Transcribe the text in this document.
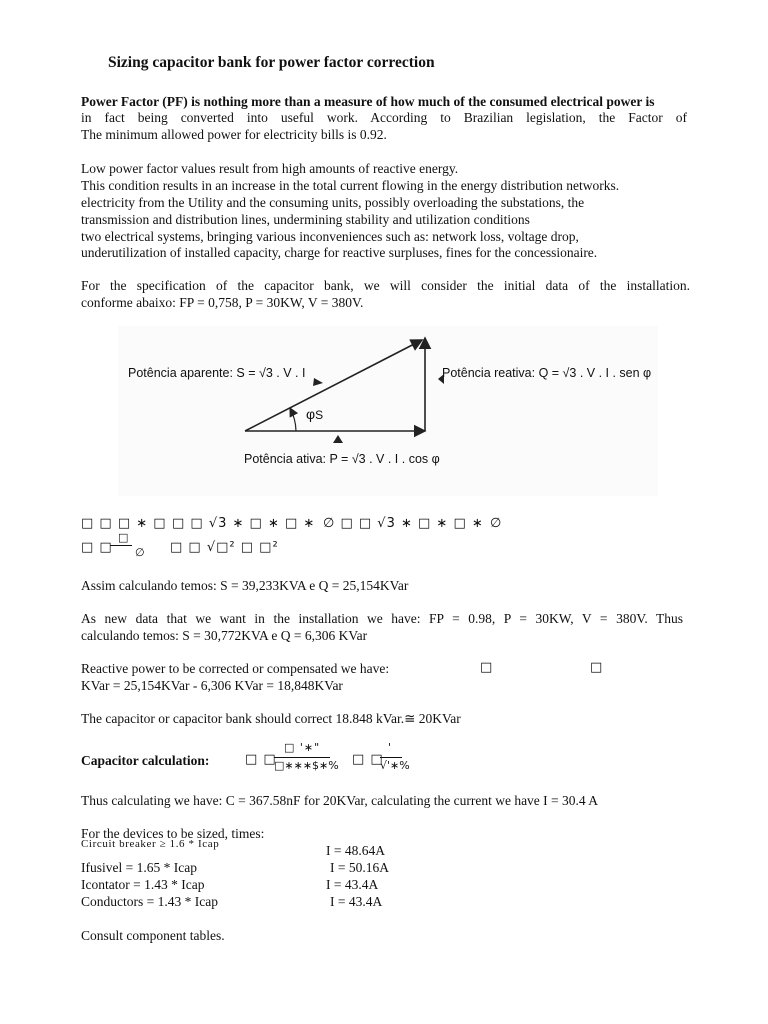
Sizing capacitor bank for power factor correction
Power Factor (PF) is nothing more than a measure of how much of the consumed electrical power is
in fact being converted into useful work. According to Brazilian legislation, the Factor of
The minimum allowed power for electricity bills is 0.92.
Low power factor values result from high amounts of reactive energy.
This condition results in an increase in the total current flowing in the energy distribution networks.
electricity from the Utility and the consuming units, possibly overloading the substations, the
transmission and distribution lines, undermining stability and utilization conditions
two electrical systems, bringing various inconveniences such as: network loss, voltage drop,
underutilization of installed capacity, charge for reactive surpluses, fines for the concessionaire.
For the specification of the capacitor bank, we will consider the initial data of the installation.
conforme abaixo: FP = 0,758, P = 30KW, V = 380V.
Potência aparente: S = √3 . V . I	Potência reativa: Q = √3 . V . I . sen φ
Potência ativa: P = √3 . V . I . cos φ
φS
□ □ □ ∗ □ □ □ √3 ∗ □ ∗ □ ∗ ∅ □ □ √3 ∗ □ ∗ □ ∗ ∅
□ □
□
∅ □ □ √□² □ □²
Assim calculando temos: S = 39,233KVA e Q = 25,154KVar
As new data that we want in the installation we have: FP = 0.98, P = 30KW, V = 380V. Thus
calculando temos: S = 30,772KVA e Q = 6,306 KVar
Reactive power to be corrected or compensated we have:	□	□
KVar = 25,154KVar - 6,306 KVar = 18,848KVar
The capacitor or capacitor bank should correct 18.848 kVar.≅ 20KVar
Capacitor calculation:	□ □
□ '∗"
□∗∗∗$∗% □ □
'
√'∗%
Thus calculating we have: C = 367.58nF for 20KVar, calculating the current we have I = 30.4 A
For the devices to be sized, times:
Circuit breaker ≥ 1.6 * Icap	I = 48.64A
Ifusivel = 1.65 * Icap	I = 50.16A
Icontator = 1.43 * Icap	I = 43.4A
Conductors = 1.43 * Icap	I = 43.4A
Consult component tables.
